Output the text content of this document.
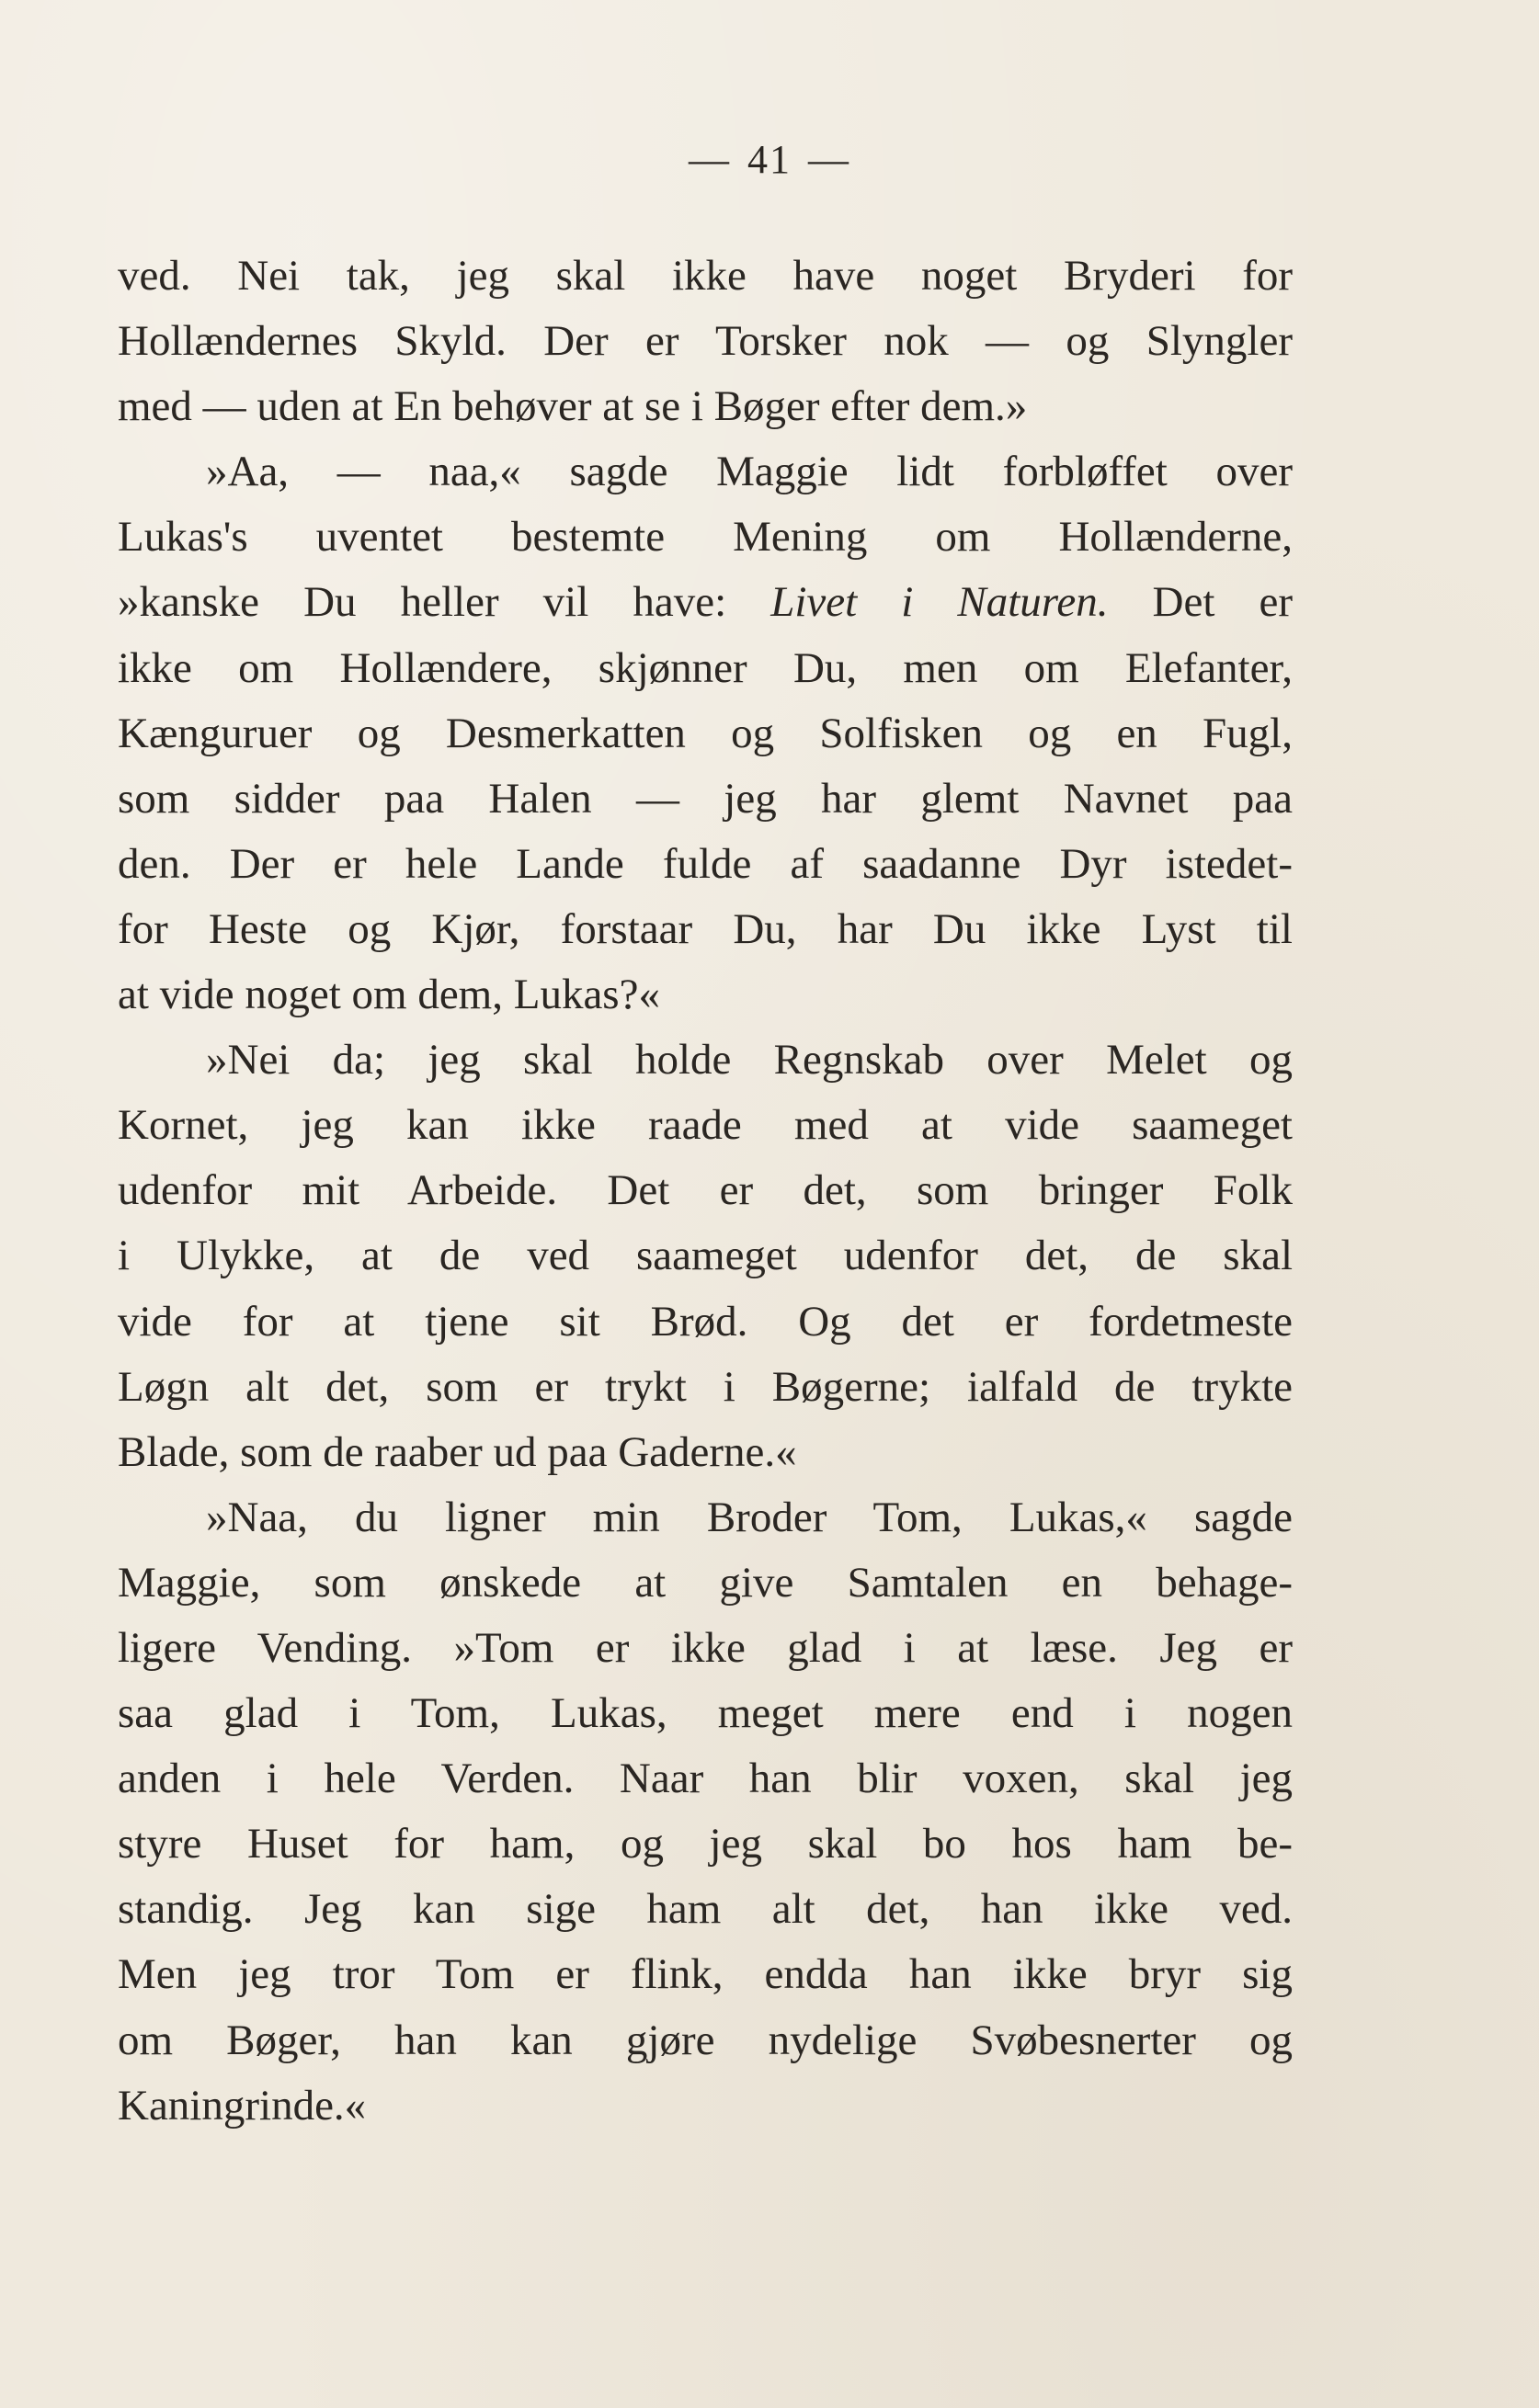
— 41 —
ved. Nei tak, jeg skal ikke have noget Bryderi for
Hollændernes Skyld. Der er Torsker nok — og Slyngler
med — uden at En behøver at se i Bøger efter dem.»
»Aa, — naa,« sagde Maggie lidt forbløffet over
Lukas's uventet bestemte Mening om Hollænderne,
»kanske Du heller vil have: Livet i Naturen. Det er
ikke om Hollændere, skjønner Du, men om Elefanter,
Kænguruer og Desmerkatten og Solfisken og en Fugl,
som sidder paa Halen — jeg har glemt Navnet paa
den. Der er hele Lande fulde af saadanne Dyr istedet-
for Heste og Kjør, forstaar Du, har Du ikke Lyst til
at vide noget om dem, Lukas?«
»Nei da; jeg skal holde Regnskab over Melet og
Kornet, jeg kan ikke raade med at vide saameget
udenfor mit Arbeide. Det er det, som bringer Folk
i Ulykke, at de ved saameget udenfor det, de skal
vide for at tjene sit Brød. Og det er fordetmeste
Løgn alt det, som er trykt i Bøgerne; ialfald de trykte
Blade, som de raaber ud paa Gaderne.«
»Naa, du ligner min Broder Tom, Lukas,« sagde
Maggie, som ønskede at give Samtalen en behage-
ligere Vending. »Tom er ikke glad i at læse. Jeg er
saa glad i Tom, Lukas, meget mere end i nogen
anden i hele Verden. Naar han blir voxen, skal jeg
styre Huset for ham, og jeg skal bo hos ham be-
standig. Jeg kan sige ham alt det, han ikke ved.
Men jeg tror Tom er flink, endda han ikke bryr sig
om Bøger, han kan gjøre nydelige Svøbesnerter og
Kaningrinde.«
